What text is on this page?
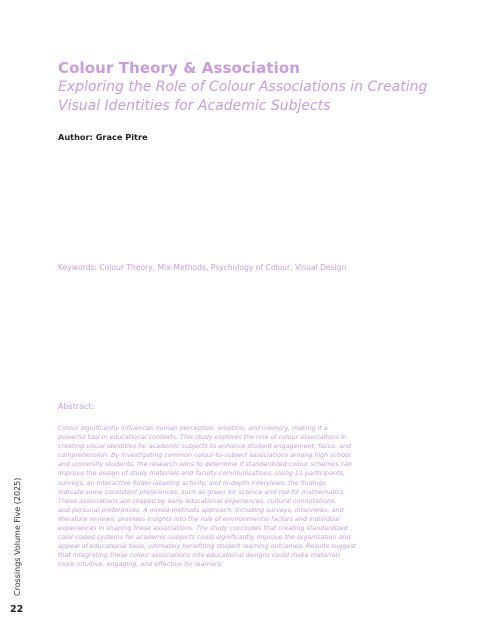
Colour Theory & Association
Exploring the Role of Colour Associations in Creating
Visual Identities for Academic Subjects
Author: Grace Pitre
Keywords: Colour Theory, Mix-Methods, Psychology of Colour, Visual Design
Abstract:
Colour significantly influences human perception, emotion, and memory, making it a
powerful tool in educational contexts. This study explores the role of colour associations in
creating visual identities for academic subjects to enhance student engagement, focus, and
comprehension. By investigating common colour-to-subject associations among high school
and university students, the research aims to determine if standardized colour schemes can
improve the design of study materials and faculty communications. Using 11 participants,
surveys, an interactive folder-labelling activity, and in-depth interviews, the findings
indicate some consistent preferences, such as green for science and red for mathematics.
These associations are shaped by early educational experiences, cultural connotations,
and personal preferences. A mixed-methods approach, including surveys, interviews, and
literature reviews, provides insights into the role of environmental factors and individual
experiences in shaping these associations. The study concludes that creating standardized
color-coded systems for academic subjects could significantly improve the organization and
appeal of educational tools, ultimately benefiting student learning outcomes. Results suggest
that integrating these colour associations into educational designs could make materials
more intuitive, engaging, and effective for learners.
Crossings Volume Five (2025)
22
